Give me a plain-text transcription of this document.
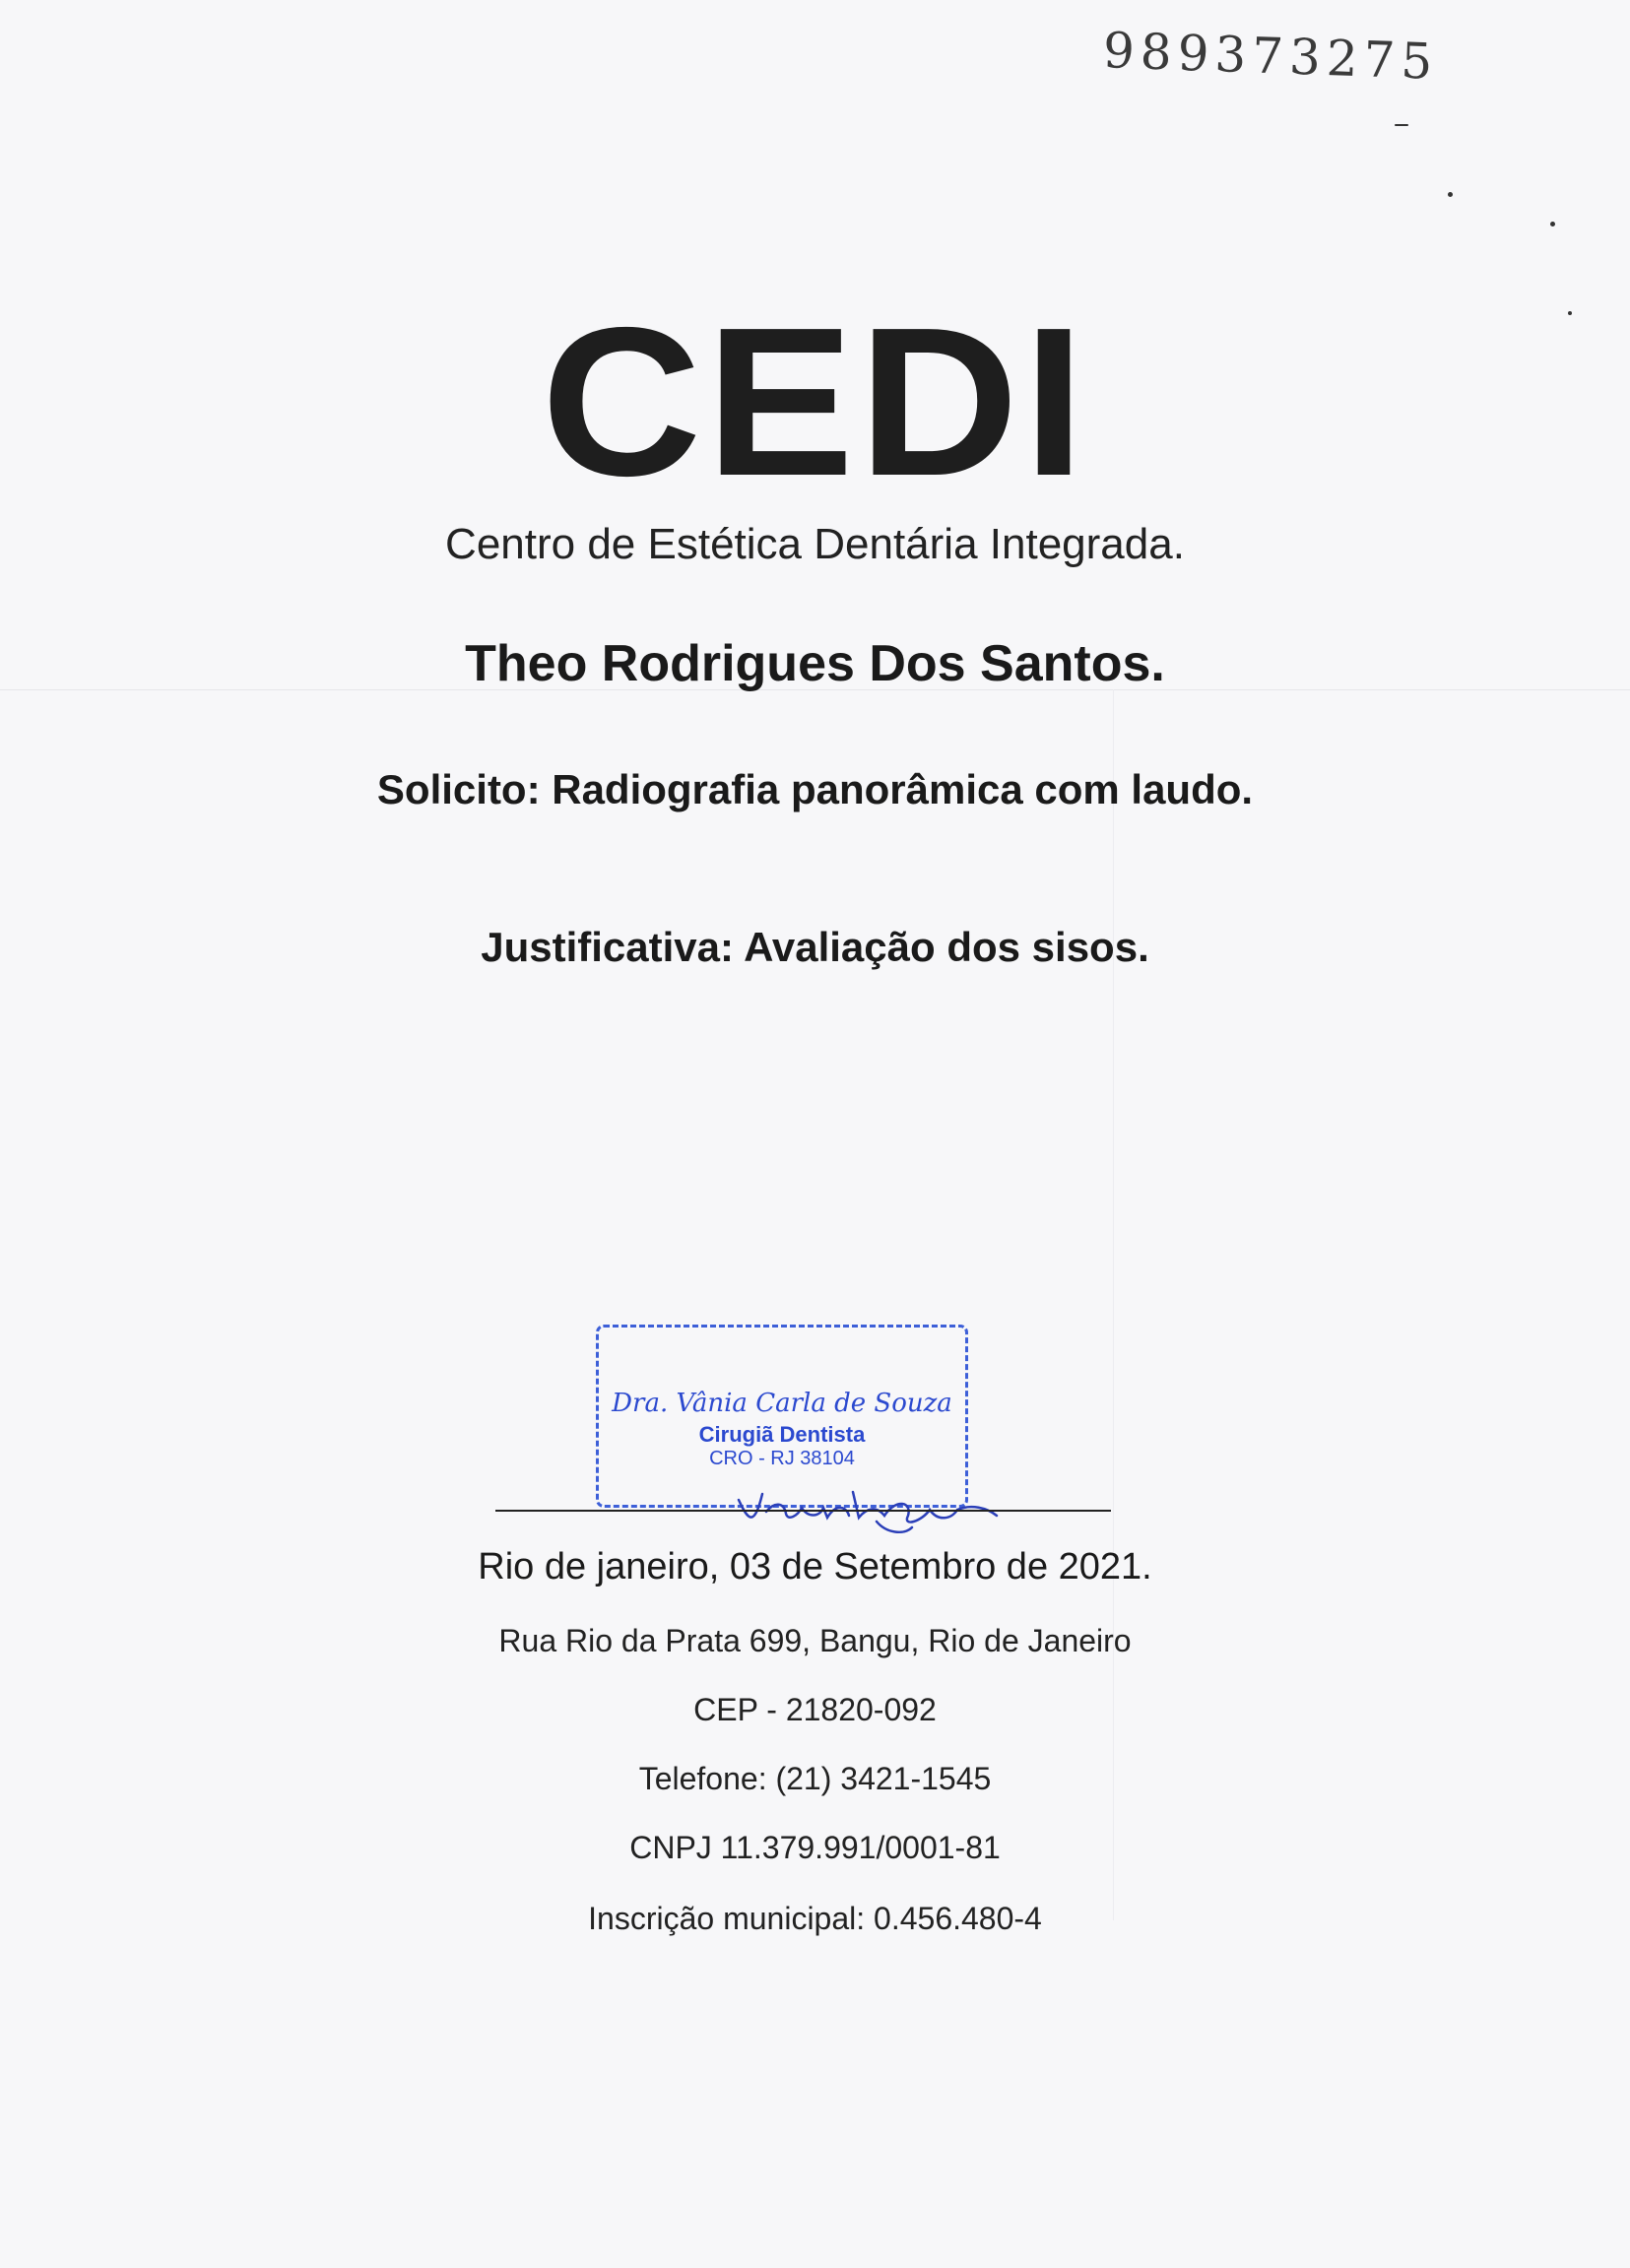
989373275
CEDI
Centro de Estética Dentária Integrada.
Theo Rodrigues Dos Santos.
Solicito: Radiografia panorâmica com laudo.
Justificativa: Avaliação dos sisos.
Dra. Vânia Carla de Souza
Cirugiã Dentista
CRO - RJ 38104
Rio de janeiro, 03 de Setembro de 2021.
Rua Rio da Prata 699, Bangu, Rio de Janeiro
CEP - 21820-092
Telefone: (21) 3421-1545
CNPJ 11.379.991/0001-81
Inscrição municipal: 0.456.480-4
